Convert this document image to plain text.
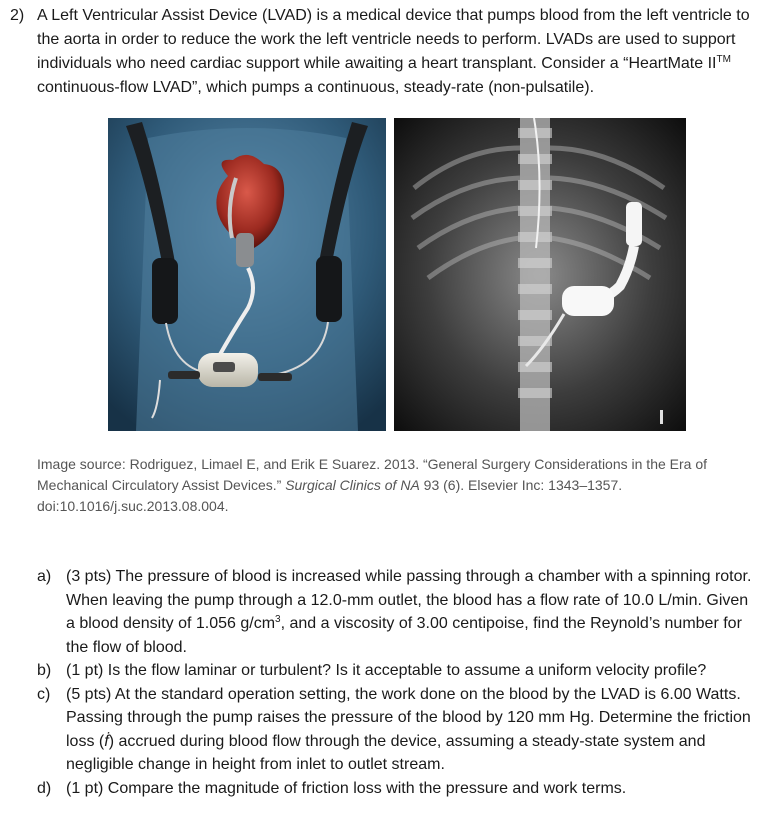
2) A Left Ventricular Assist Device (LVAD) is a medical device that pumps blood from the left ventricle to the aorta in order to reduce the work the left ventricle needs to perform. LVADs are used to support individuals who need cardiac support while awaiting a heart transplant. Consider a “HeartMate II™ continuous-flow LVAD”, which pumps a continuous, steady-rate (non-pulsatile).

Image source: Rodriguez, Limael E, and Erik E Suarez. 2013. “General Surgery Considerations in the Era of Mechanical Circulatory Assist Devices.” Surgical Clinics of NA 93 (6). Elsevier Inc: 1343–1357. doi:10.1016/j.suc.2013.08.004.

a) (3 pts) The pressure of blood is increased while passing through a chamber with a spinning rotor. When leaving the pump through a 12.0-mm outlet, the blood has a flow rate of 10.0 L/min. Given a blood density of 1.056 $g/cm^3$, and a viscosity of 3.00 centipoise, find the Reynold’s number for the flow of blood.
b) (1 pt) Is the flow laminar or turbulent? Is it acceptable to assume a uniform velocity profile?
c) (5 pts) At the standard operation setting, the work done on the blood by the LVAD is 6.00 Watts. Passing through the pump raises the pressure of the blood by 120 mm Hg. Determine the friction loss (ḟ) accrued during blood flow through the device, assuming a steady-state system and negligible change in height from inlet to outlet stream.
d) (1 pt) Compare the magnitude of friction loss with the pressure and work terms.
